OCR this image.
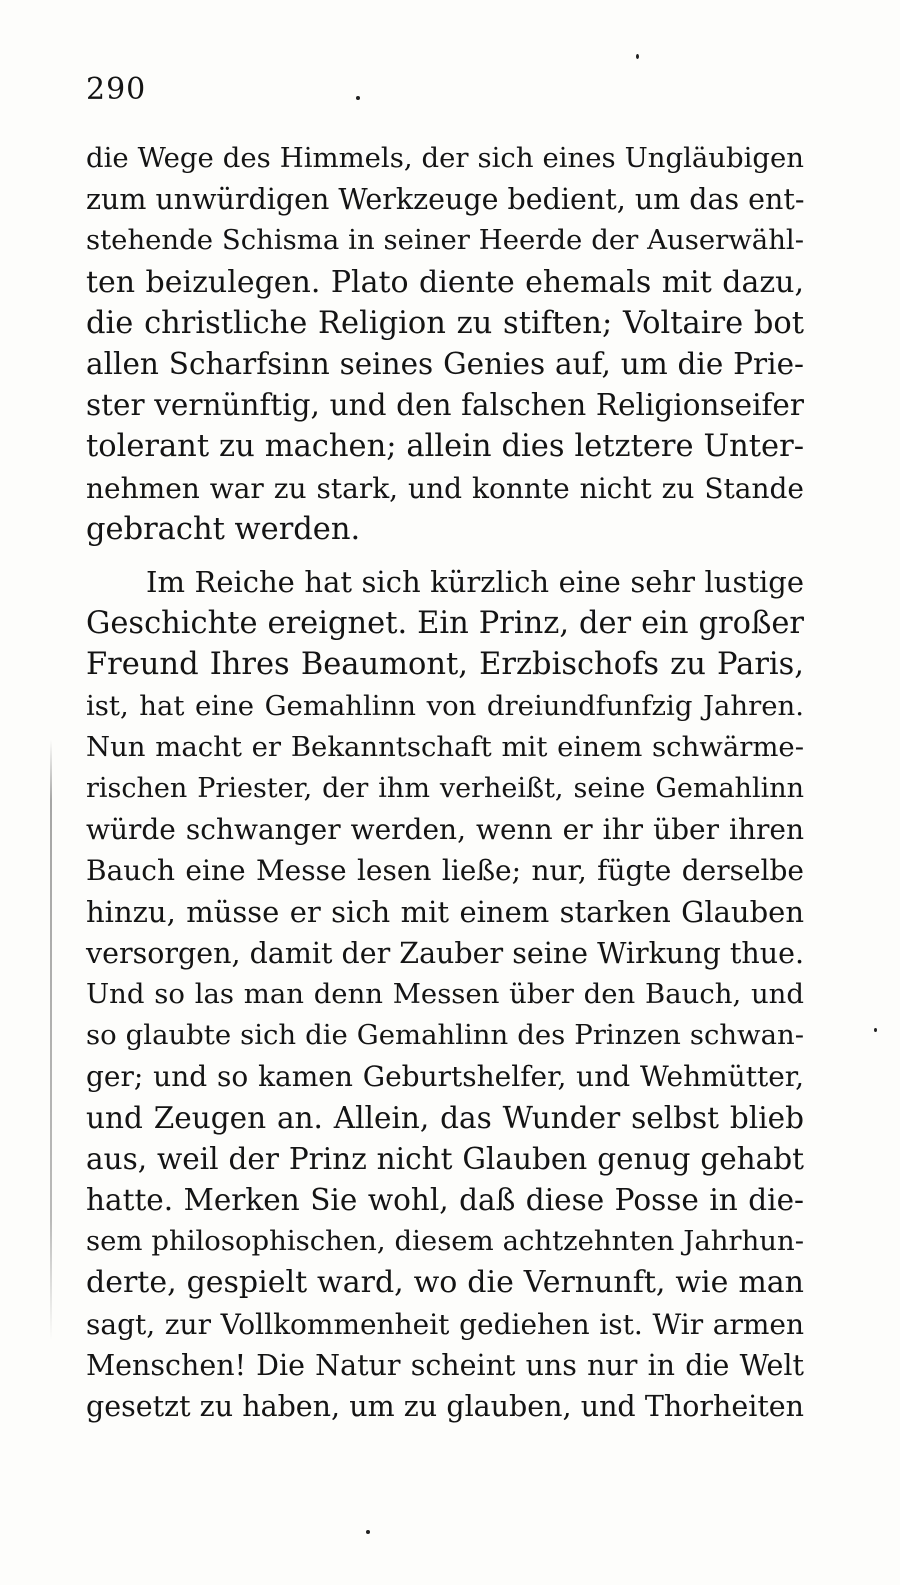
290
die Wege des Himmels, der sich eines Ungläubigen
zum unwürdigen Werkzeuge bedient, um das ent-
stehende Schisma in seiner Heerde der Auserwähl-
ten beizulegen. Plato diente ehemals mit dazu,
die christliche Religion zu stiften; Voltaire bot
allen Scharfsinn seines Genies auf, um die Prie-
ster vernünftig, und den falschen Religionseifer
tolerant zu machen; allein dies letztere Unter-
nehmen war zu stark, und konnte nicht zu Stande
gebracht werden.
Im Reiche hat sich kürzlich eine sehr lustige
Geschichte ereignet. Ein Prinz, der ein großer
Freund Ihres Beaumont, Erzbischofs zu Paris,
ist, hat eine Gemahlinn von dreiundfunfzig Jahren.
Nun macht er Bekanntschaft mit einem schwärme-
rischen Priester, der ihm verheißt, seine Gemahlinn
würde schwanger werden, wenn er ihr über ihren
Bauch eine Messe lesen ließe; nur, fügte derselbe
hinzu, müsse er sich mit einem starken Glauben
versorgen, damit der Zauber seine Wirkung thue.
Und so las man denn Messen über den Bauch, und
so glaubte sich die Gemahlinn des Prinzen schwan-
ger; und so kamen Geburtshelfer, und Wehmütter,
und Zeugen an. Allein, das Wunder selbst blieb
aus, weil der Prinz nicht Glauben genug gehabt
hatte. Merken Sie wohl, daß diese Posse in die-
sem philosophischen, diesem achtzehnten Jahrhun-
derte, gespielt ward, wo die Vernunft, wie man
sagt, zur Vollkommenheit gediehen ist. Wir armen
Menschen! Die Natur scheint uns nur in die Welt
gesetzt zu haben, um zu glauben, und Thorheiten
